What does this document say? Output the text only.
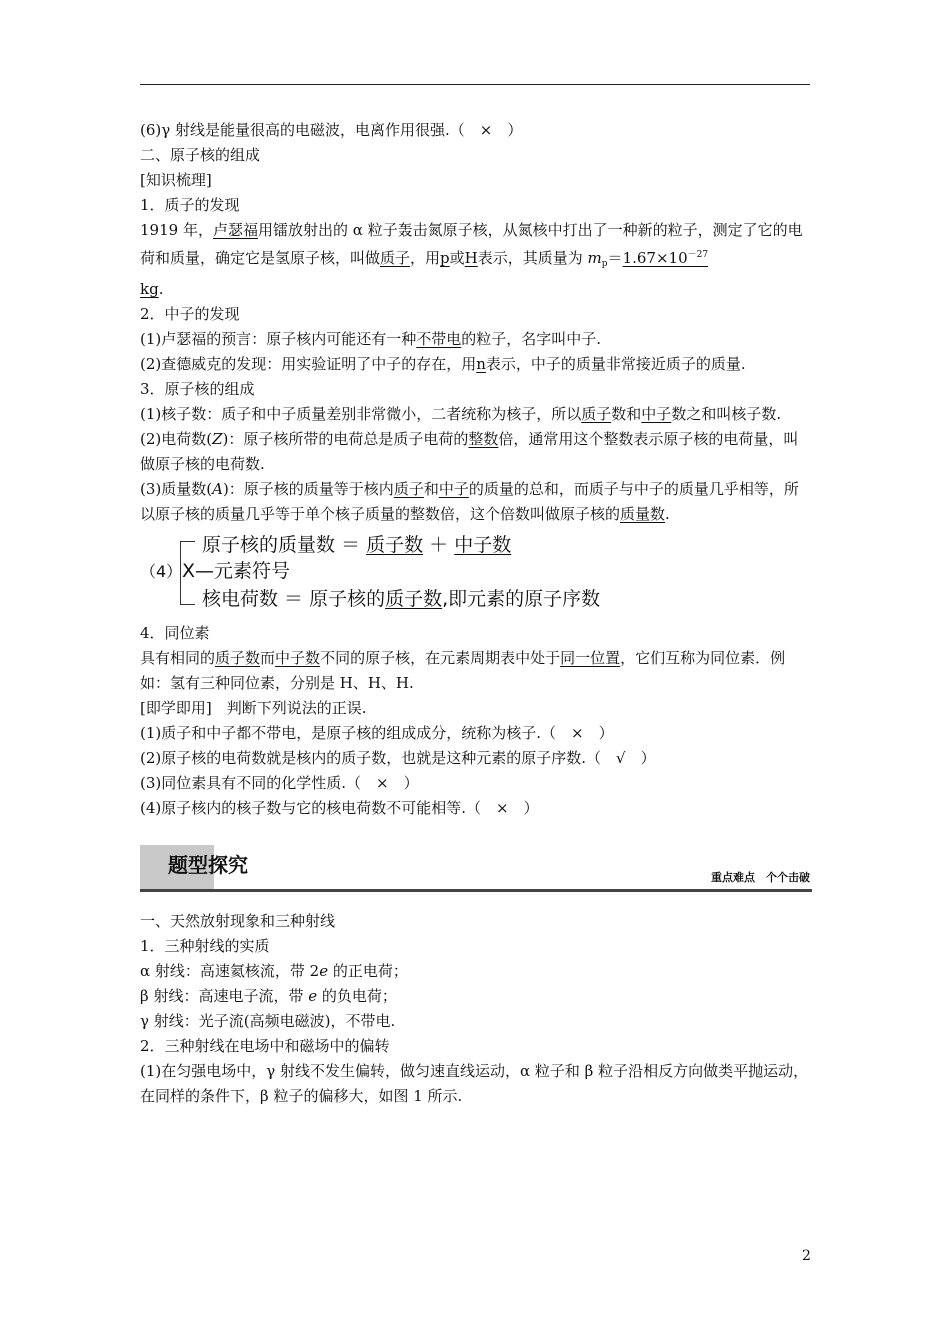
(6)γ 射线是能量很高的电磁波，电离作用很强.（　×　）

二、原子核的组成

[知识梳理]

1．质子的发现

1919 年，卢瑟福用镭放射出的 α 粒子轰击氮原子核，从氮核中打出了一种新的粒子，测定了它的电荷和质量，确定它是氢原子核，叫做质子，用p或H表示，其质量为 $m_p=1.67\times 10^{-27}$
kg.

2．中子的发现

(1)卢瑟福的预言：原子核内可能还有一种不带电的粒子，名字叫中子.

(2)查德威克的发现：用实验证明了中子的存在，用n表示，中子的质量非常接近质子的质量.

3．原子核的组成

(1)核子数：质子和中子质量差别非常微小，二者统称为核子，所以质子数和中子数之和叫核子数.

(2)电荷数(Z)：原子核所带的电荷总是质子电荷的整数倍，通常用这个整数表示原子核的电荷量，叫做原子核的电荷数.

(3)质量数(A)：原子核的质量等于核内质子和中子的质量的总和，而质子与中子的质量几乎相等，所以原子核的质量几乎等于单个核子质量的整数倍，这个倍数叫做原子核的质量数.

（4）
原子核的质量数 ＝ 质子数 ＋ 中子数
X—元素符号
核电荷数 ＝ 原子核的质子数,即元素的原子序数

4．同位素

具有相同的质子数而中子数不同的原子核，在元素周期表中处于同一位置，它们互称为同位素．例如：氢有三种同位素，分别是 H、H、H.

[即学即用]　判断下列说法的正误.

(1)质子和中子都不带电，是原子核的组成成分，统称为核子.（　×　）

(2)原子核的电荷数就是核内的质子数，也就是这种元素的原子序数.（　√　）

(3)同位素具有不同的化学性质.（　×　）

(4)原子核内的核子数与它的核电荷数不可能相等.（　×　）

题型探究
重点难点　个个击破

一、天然放射现象和三种射线

1．三种射线的实质

α 射线：高速氦核流，带 2e 的正电荷；

β 射线：高速电子流，带 e 的负电荷；

γ 射线：光子流(高频电磁波)，不带电.

2．三种射线在电场中和磁场中的偏转

(1)在匀强电场中，γ 射线不发生偏转，做匀速直线运动，α 粒子和 β 粒子沿相反方向做类平抛运动，在同样的条件下，β 粒子的偏移大，如图 1 所示.

2
